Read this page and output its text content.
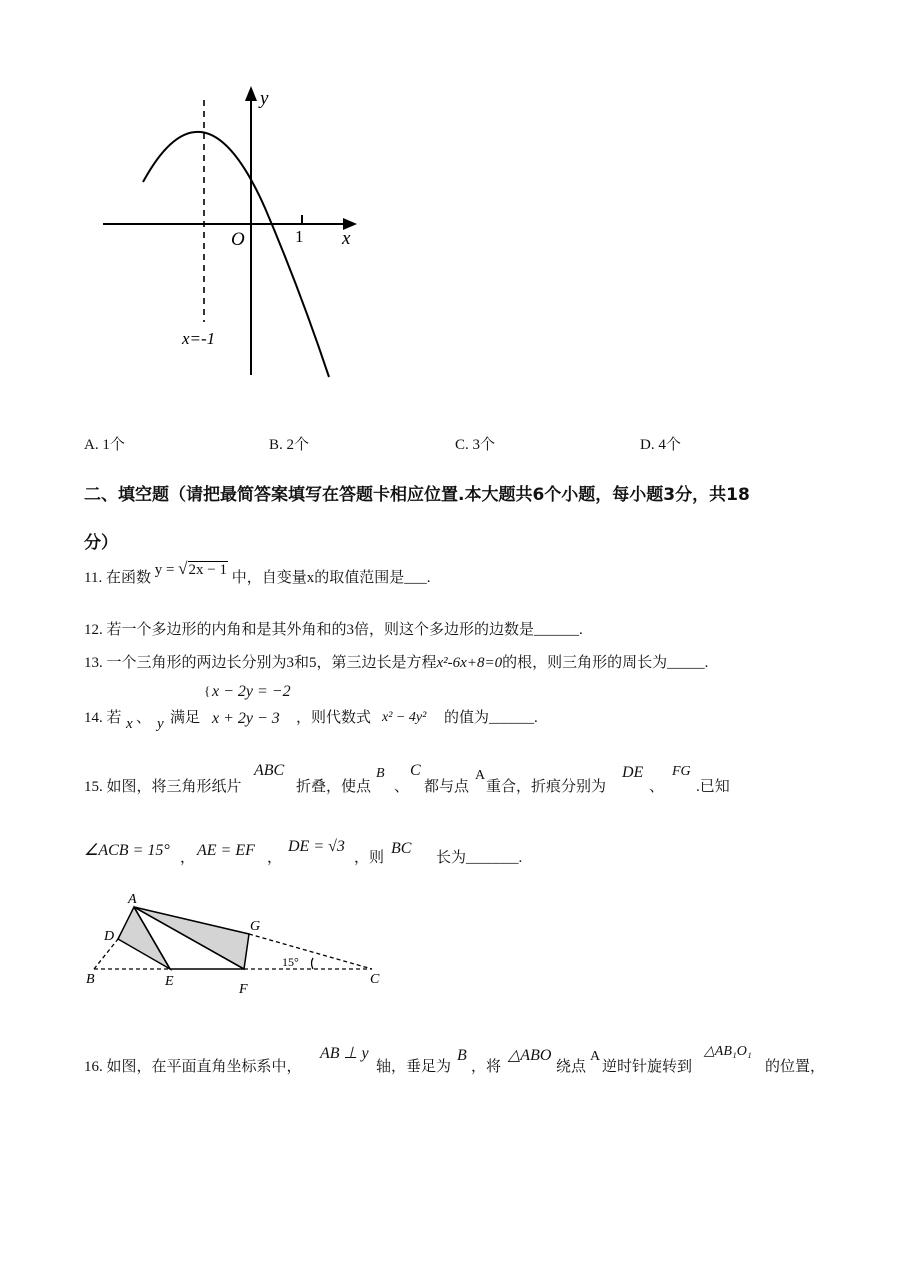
y
x
O	1
x=-1
A. 1个	B. 2个	C. 3个	D. 4个
二、填空题（请把最简答案填写在答题卡相应位置.本大题共6个小题，每小题3分，共18
分）
11. 在函数 y = √2x − 1 中，自变量x的取值范围是___.
12. 若一个多边形的内角和是其外角和的3倍，则这个多边形的边数是______.
13. 一个三角形的两边长分别为3和5，第三边长是方程x²-6x+8=0的根，则三角形的周长为_____.
14. 若 x 、 y 满足
{ x − 2y = −2
x + 2y − 3 ，则代数式 x² − 4y² 的值为______.
15. 如图，将三角形纸片
ABC
折叠，使点
B
、
C
都与点
A
重合，折痕分别为
DE
、
FG
.已知
∠ACB = 15° ， AE = EF ，
DE = √3
，则
BC
长为_______.
A
B	C
D
E
F
G
15°
16. 如图，在平面直角坐标系中，
AB ⊥ y
轴，垂足为
B
，将
△ABO
绕点
A
逆时针旋转到
△AB₁O₁
的位置，
